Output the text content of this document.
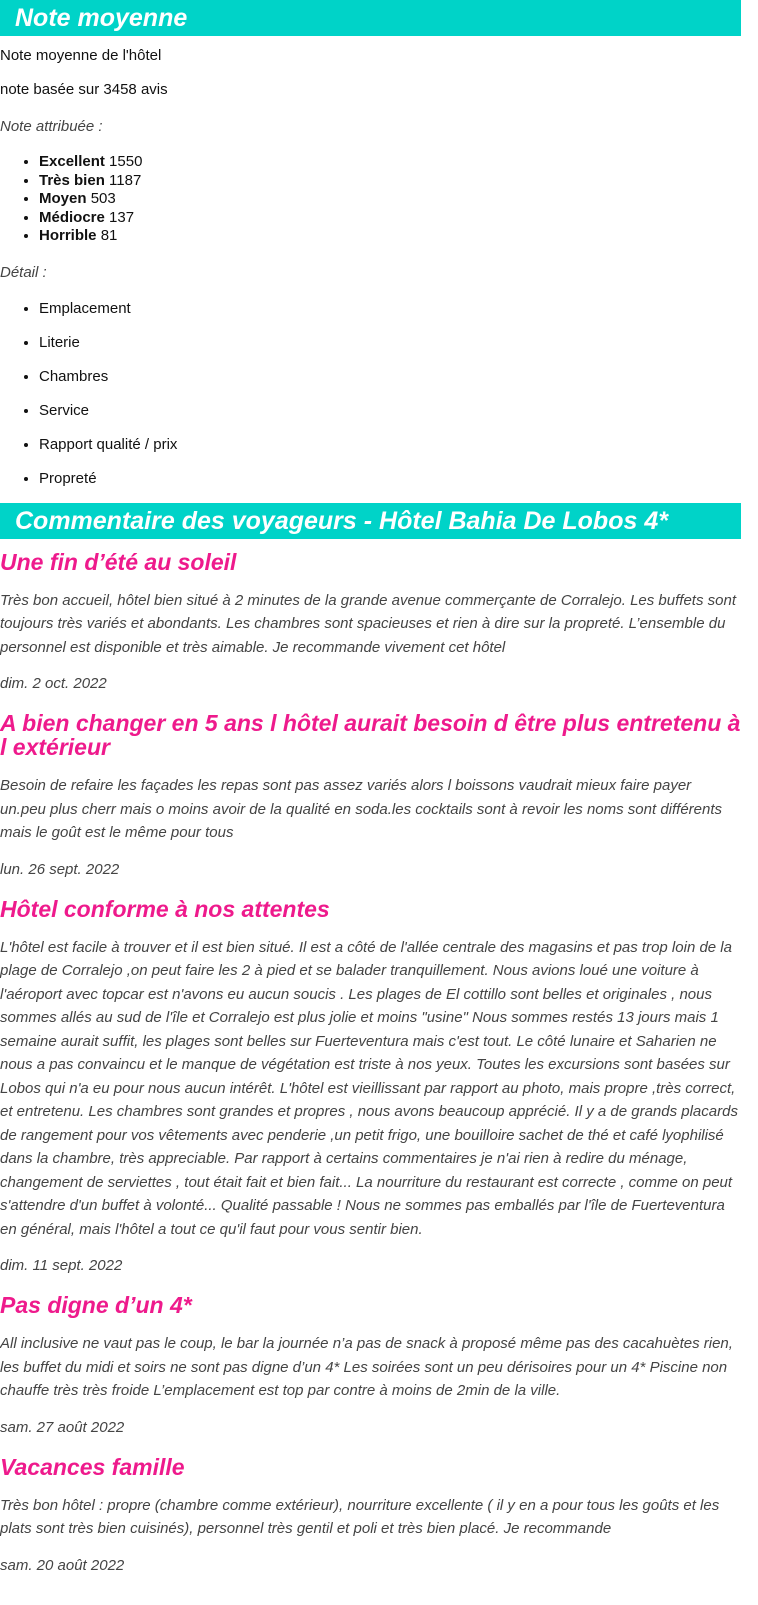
Note moyenne

Note moyenne de l'hôtel

note basée sur 3458 avis

Note attribuée :

• Excellent 1550
• Très bien 1187
• Moyen 503
• Médiocre 137
• Horrible 81

Détail :

• Emplacement
• Literie
• Chambres
• Service
• Rapport qualité / prix
• Propreté
Commentaire des voyageurs - Hôtel Bahia De Lobos 4*
Une fin d’été au soleil

Très bon accueil, hôtel bien situé à 2 minutes de la grande avenue commerçante de Corralejo. Les buffets sont toujours très variés et abondants. Les chambres sont spacieuses et rien à dire sur la propreté. L’ensemble du personnel est disponible et très aimable. Je recommande vivement cet hôtel

dim. 2 oct. 2022

A bien changer en 5 ans l hôtel aurait besoin d être plus entretenu à l extérieur

Besoin de refaire les façades les repas sont pas assez variés alors l boissons vaudrait mieux faire payer un.peu plus cherr mais o moins avoir de la qualité en soda.les cocktails sont à revoir les noms sont différents mais le goût est le même pour tous

lun. 26 sept. 2022

Hôtel conforme à nos attentes

L'hôtel est facile à trouver et il est bien situé. Il est a côté de l'allée centrale des magasins et pas trop loin de la plage de Corralejo ,on peut faire les 2 à pied et se balader tranquillement. Nous avions loué une voiture à l'aéroport avec topcar est n'avons eu aucun soucis . Les plages de El cottillo sont belles et originales , nous sommes allés au sud de l'île et Corralejo est plus jolie et moins "usine" Nous sommes restés 13 jours mais 1 semaine aurait suffit, les plages sont belles sur Fuerteventura mais c'est tout. Le côté lunaire et Saharien ne nous a pas convaincu et le manque de végétation est triste à nos yeux. Toutes les excursions sont basées sur Lobos qui n'a eu pour nous aucun intérêt. L'hôtel est vieillissant par rapport au photo, mais propre ,très correct, et entretenu. Les chambres sont grandes et propres , nous avons beaucoup apprécié. Il y a de grands placards de rangement pour vos vêtements avec penderie ,un petit frigo, une bouilloire sachet de thé et café lyophilisé dans la chambre, très appreciable. Par rapport à certains commentaires je n'ai rien à redire du ménage, changement de serviettes , tout était fait et bien fait... La nourriture du restaurant est correcte , comme on peut s'attendre d'un buffet à volonté... Qualité passable ! Nous ne sommes pas emballés par l'île de Fuerteventura en général, mais l'hôtel a tout ce qu'il faut pour vous sentir bien.

dim. 11 sept. 2022

Pas digne d’un 4*

All inclusive ne vaut pas le coup, le bar la journée n’a pas de snack à proposé même pas des cacahuètes rien, les buffet du midi et soirs ne sont pas digne d’un 4* Les soirées sont un peu dérisoires pour un 4* Piscine non chauffe très très froide L’emplacement est top par contre à moins de 2min de la ville.

sam. 27 août 2022

Vacances famille

Très bon hôtel : propre (chambre comme extérieur), nourriture excellente ( il y en a pour tous les goûts et les plats sont très bien cuisinés), personnel très gentil et poli et très bien placé. Je recommande

sam. 20 août 2022
